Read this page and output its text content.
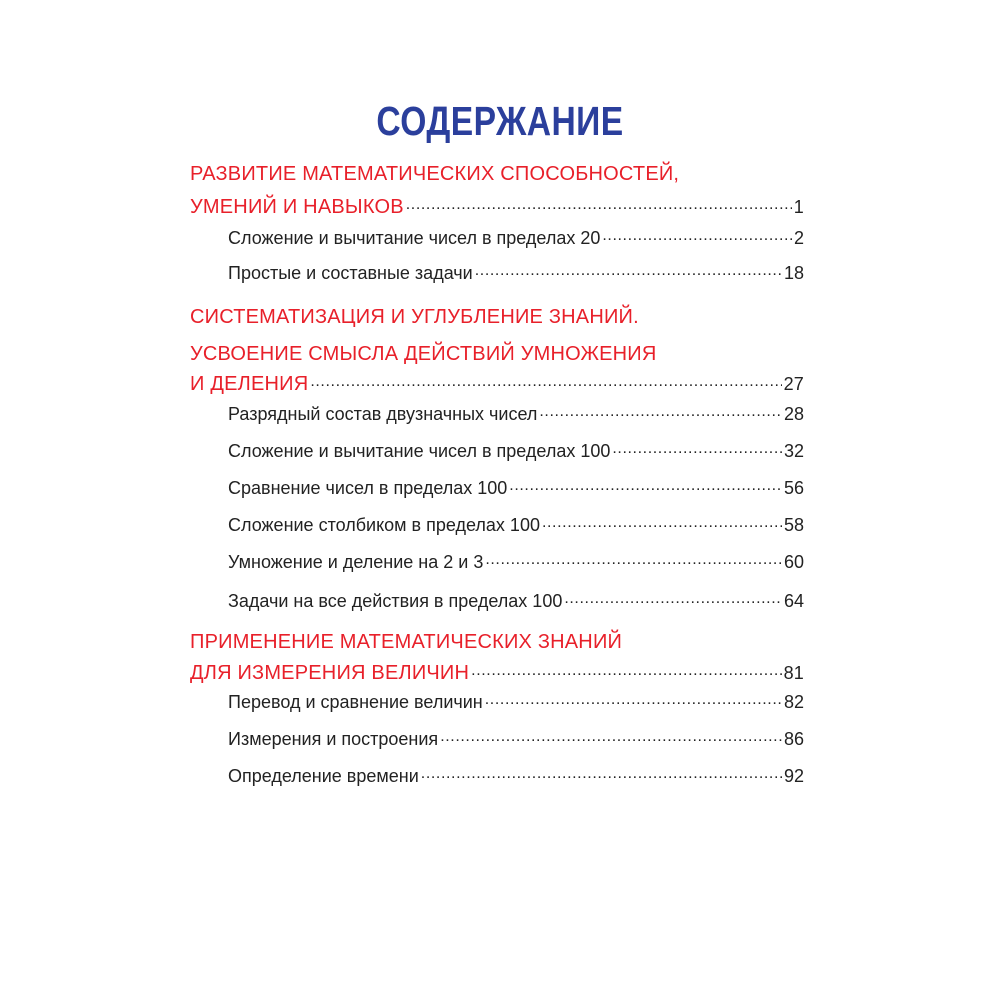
СОДЕРЖАНИЕ
РАЗВИТИЕ МАТЕМАТИЧЕСКИХ СПОСОБНОСТЕЙ,
УМЕНИЙ И НАВЫКОВ .....	1
Сложение и вычитание чисел в пределах 20 .....	2
Простые и составные задачи .....	18
СИСТЕМАТИЗАЦИЯ И УГЛУБЛЕНИЕ ЗНАНИЙ.
УСВОЕНИЕ СМЫСЛА ДЕЙСТВИЙ УМНОЖЕНИЯ
И ДЕЛЕНИЯ .....	27
Разрядный состав двузначных чисел .....	28
Сложение и вычитание чисел в пределах 100 .....	32
Сравнение чисел в пределах 100 .....	56
Сложение столбиком в пределах 100 .....	58
Умножение и деление на 2 и 3 .....	60
Задачи на все действия в пределах 100 .....	64
ПРИМЕНЕНИЕ МАТЕМАТИЧЕСКИХ ЗНАНИЙ
ДЛЯ ИЗМЕРЕНИЯ ВЕЛИЧИН .....	81
Перевод и сравнение величин .....	82
Измерения и построения .....	86
Определение времени .....	92
